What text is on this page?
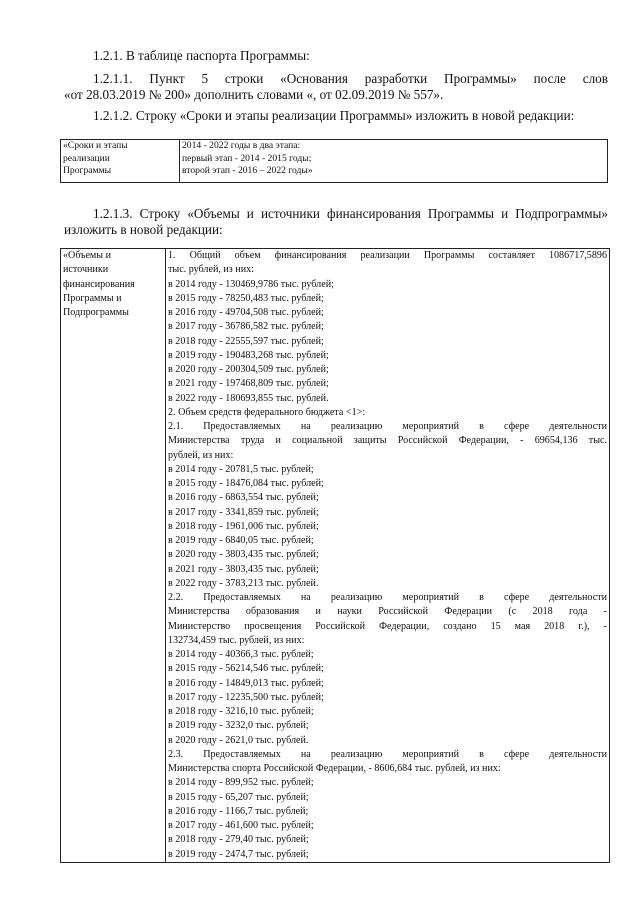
1.2.1. В таблице паспорта Программы:
1.2.1.1. Пункт 5 строки «Основания разработки Программы» после слов
«от 28.03.2019 № 200» дополнить словами «, от 02.09.2019 № 557».
1.2.1.2. Строку «Сроки и этапы реализации Программы» изложить в новой редакции:
«Сроки и этапы
реализации
Программы

2014 - 2022 годы в два этапа:
первый этап - 2014 - 2015 годы;
второй этап - 2016 – 2022 годы»
1.2.1.3. Строку «Объемы и источники финансирования Программы и Подпрограммы»
изложить в новой редакции:
«Объемы и
источники
финансирования
Программы и
Подпрограммы

1. Общий объем финансирования реализации Программы составляет 1086717,5896
тыс. рублей, из них:
в 2014 году - 130469,9786 тыс. рублей;
в 2015 году - 78250,483 тыс. рублей;
в 2016 году - 49704,508 тыс. рублей;
в 2017 году - 36786,582 тыс. рублей;
в 2018 году - 22555,597 тыс. рублей;
в 2019 году - 190483,268 тыс. рублей;
в 2020 году - 200304,509 тыс. рублей;
в 2021 году - 197468,809 тыс. рублей;
в 2022 году - 180693,855 тыс. рублей.
2. Объем средств федерального бюджета <1>:
2.1. Предоставляемых на реализацию мероприятий в сфере деятельности
Министерства труда и социальной защиты Российской Федерации, - 69654,136 тыс.
рублей, из них:
в 2014 году - 20781,5 тыс. рублей;
в 2015 году - 18476,084 тыс. рублей;
в 2016 году - 6863,554 тыс. рублей;
в 2017 году - 3341,859 тыс. рублей;
в 2018 году - 1961,006 тыс. рублей;
в 2019 году - 6840,05 тыс. рублей;
в 2020 году - 3803,435 тыс. рублей;
в 2021 году - 3803,435 тыс. рублей;
в 2022 году - 3783,213 тыс. рублей.
2.2. Предоставляемых на реализацию мероприятий в сфере деятельности
Министерства образования и науки Российской Федерации (с 2018 года -
Министерство просвещения Российской Федерации, создано 15 мая 2018 г.), -
132734,459 тыс. рублей, из них:
в 2014 году - 40366,3 тыс. рублей;
в 2015 году - 56214,546 тыс. рублей;
в 2016 году - 14849,013 тыс. рублей;
в 2017 году - 12235,500 тыс. рублей;
в 2018 году - 3216,10 тыс. рублей;
в 2019 году - 3232,0 тыс. рублей;
в 2020 году - 2621,0 тыс. рублей.
2.3. Предоставляемых на реализацию мероприятий в сфере деятельности
Министерства спорта Российской Федерации, - 8606,684 тыс. рублей, из них:
в 2014 году - 899,952 тыс. рублей;
в 2015 году - 65,207 тыс. рублей;
в 2016 году - 1166,7 тыс. рублей;
в 2017 году - 461,600 тыс. рублей;
в 2018 году - 279,40 тыс. рублей;
в 2019 году - 2474,7 тыс. рублей;
